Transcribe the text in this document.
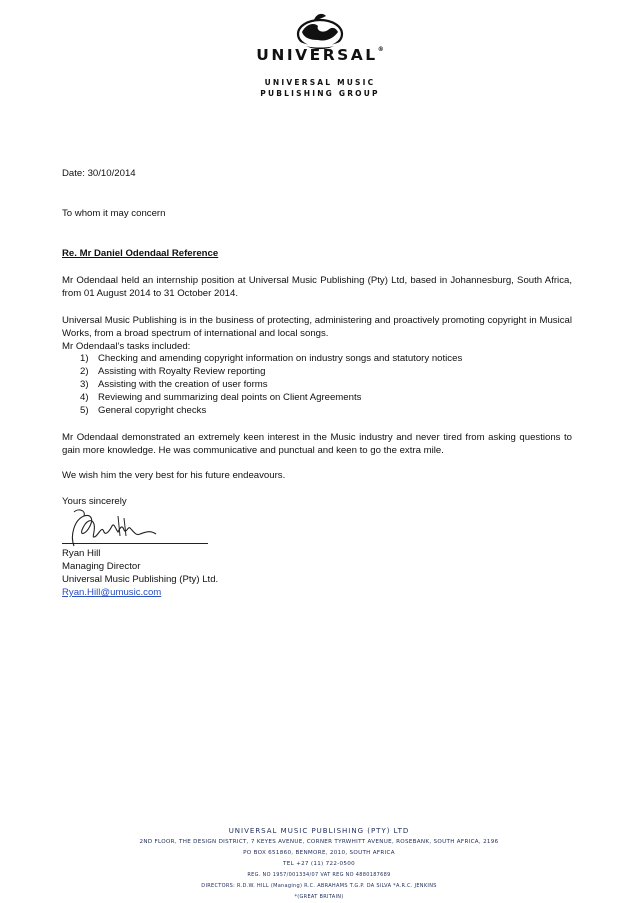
UNIVERSAL®
UNIVERSAL MUSIC
PUBLISHING GROUP
Date: 30/10/2014
To whom it may concern
Re. Mr Daniel Odendaal Reference
Mr Odendaal held an internship position at Universal Music Publishing (Pty) Ltd, based in Johannesburg, South Africa, from 01 August 2014 to 31 October 2014.
Universal Music Publishing is in the business of protecting, administering and proactively promoting copyright in Musical Works, from a broad spectrum of international and local songs.
Mr Odendaal’s tasks included:
1) Checking and amending copyright information on industry songs and statutory notices
2) Assisting with Royalty Review reporting
3) Assisting with the creation of user forms
4) Reviewing and summarizing deal points on Client Agreements
5) General copyright checks
Mr Odendaal demonstrated an extremely keen interest in the Music industry and never tired from asking questions to gain more knowledge. He was communicative and punctual and keen to go the extra mile.
We wish him the very best for his future endeavours.
Yours sincerely
Ryan Hill
Managing Director
Universal Music Publishing (Pty) Ltd.
Ryan.Hill@umusic.com
UNIVERSAL MUSIC PUBLISHING (PTY) LTD
2ND FLOOR, THE DESIGN DISTRICT, 7 KEYES AVENUE, CORNER TYRWHITT AVENUE, ROSEBANK, SOUTH AFRICA, 2196
PO BOX 651860, BENMORE, 2010, SOUTH AFRICA
TEL +27 (11) 722-0500
REG. NO 1957/001334/07 VAT REG NO 4880187689
DIRECTORS: R.D.W. HILL (Managing) R.C. ABRAHAMS T.G.P. DA SILVA *A.R.C. JENKINS
*(GREAT BRITAIN)
